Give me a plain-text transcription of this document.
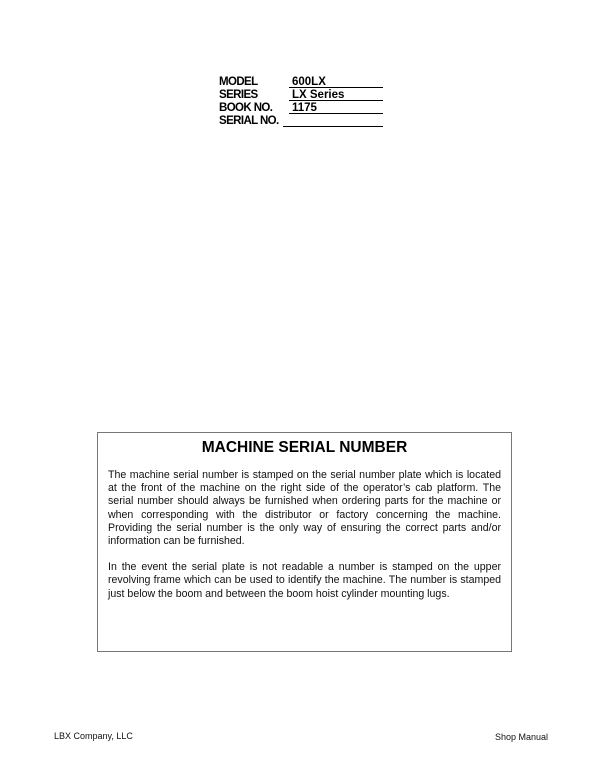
MODEL	600LX
SERIES	LX Series
BOOK NO. 1175
SERIAL NO.
MACHINE SERIAL NUMBER

The machine serial number is stamped on the serial number plate which is located at the front of the machine on the right side of the operator’s cab platform. The serial number should always be furnished when ordering parts for the machine or when corresponding with the distributor or factory concerning the machine. Providing the serial number is the only way of ensuring the correct parts and/or information can be furnished.

In the event the serial plate is not readable a number is stamped on the upper revolving frame which can be used to identify the machine. The number is stamped just below the boom and between the boom hoist cylinder mounting lugs.

LBX Company, LLC	Shop Manual
